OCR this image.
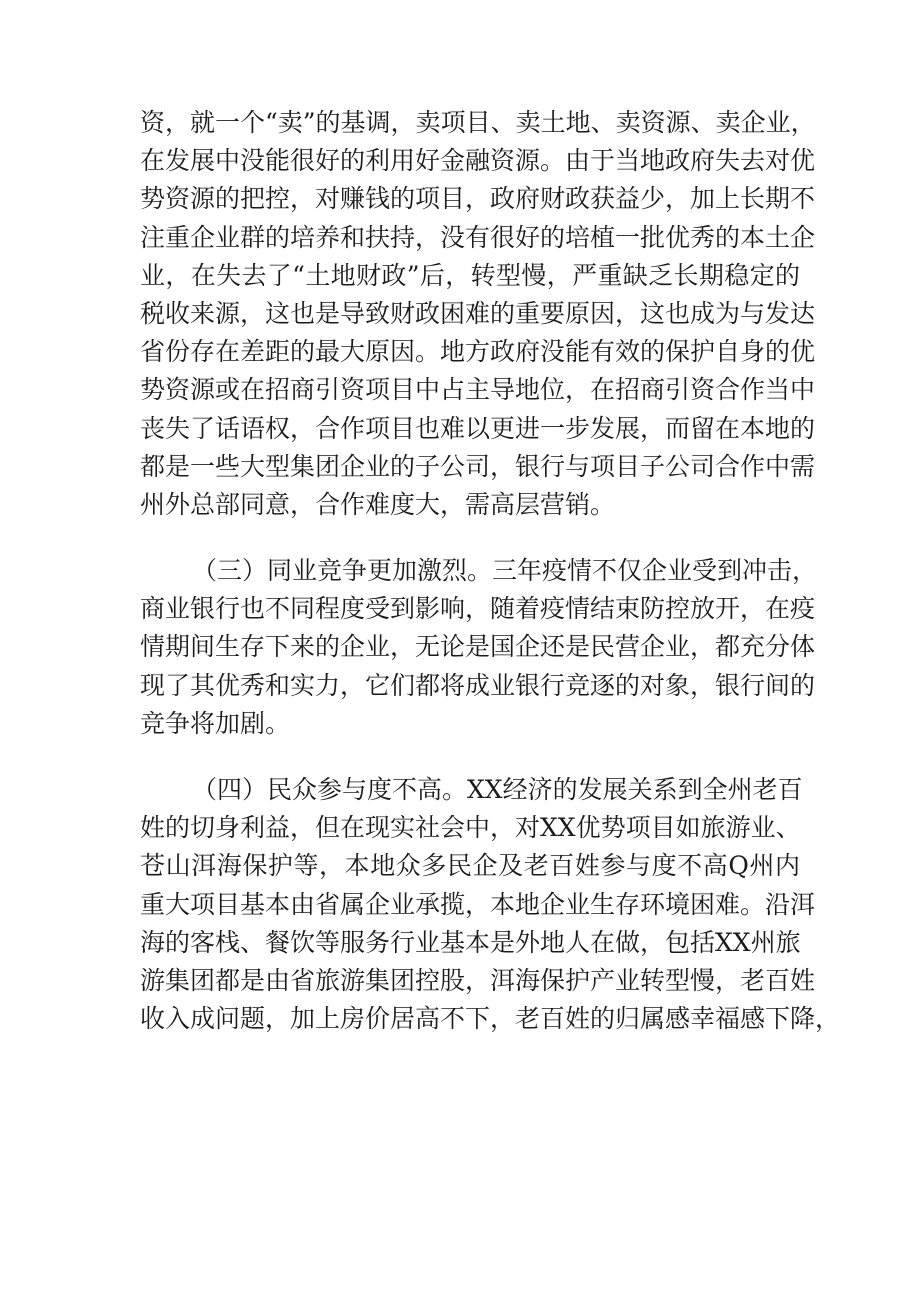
资，就一个“卖”的基调，卖项目、卖土地、卖资源、卖企业，
在发展中没能很好的利用好金融资源。由于当地政府失去对优
势资源的把控，对赚钱的项目，政府财政获益少，加上长期不
注重企业群的培养和扶持，没有很好的培植一批优秀的本土企
业，在失去了“土地财政”后，转型慢，严重缺乏长期稳定的
税收来源，这也是导致财政困难的重要原因，这也成为与发达
省份存在差距的最大原因。地方政府没能有效的保护自身的优
势资源或在招商引资项目中占主导地位，在招商引资合作当中
丧失了话语权，合作项目也难以更进一步发展，而留在本地的
都是一些大型集团企业的子公司，银行与项目子公司合作中需
州外总部同意，合作难度大，需高层营销。
（三）同业竞争更加激烈。三年疫情不仅企业受到冲击，
商业银行也不同程度受到影响，随着疫情结束防控放开，在疫
情期间生存下来的企业，无论是国企还是民营企业，都充分体
现了其优秀和实力，它们都将成业银行竞逐的对象，银行间的
竞争将加剧。
（四）民众参与度不高。XX经济的发展关系到全州老百
姓的切身利益，但在现实社会中，对XX优势项目如旅游业、
苍山洱海保护等，本地众多民企及老百姓参与度不高Q州内
重大项目基本由省属企业承揽，本地企业生存环境困难。沿洱
海的客栈、餐饮等服务行业基本是外地人在做，包括XX州旅
游集团都是由省旅游集团控股，洱海保护产业转型慢，老百姓
收入成问题，加上房价居高不下，老百姓的归属感幸福感下降，
